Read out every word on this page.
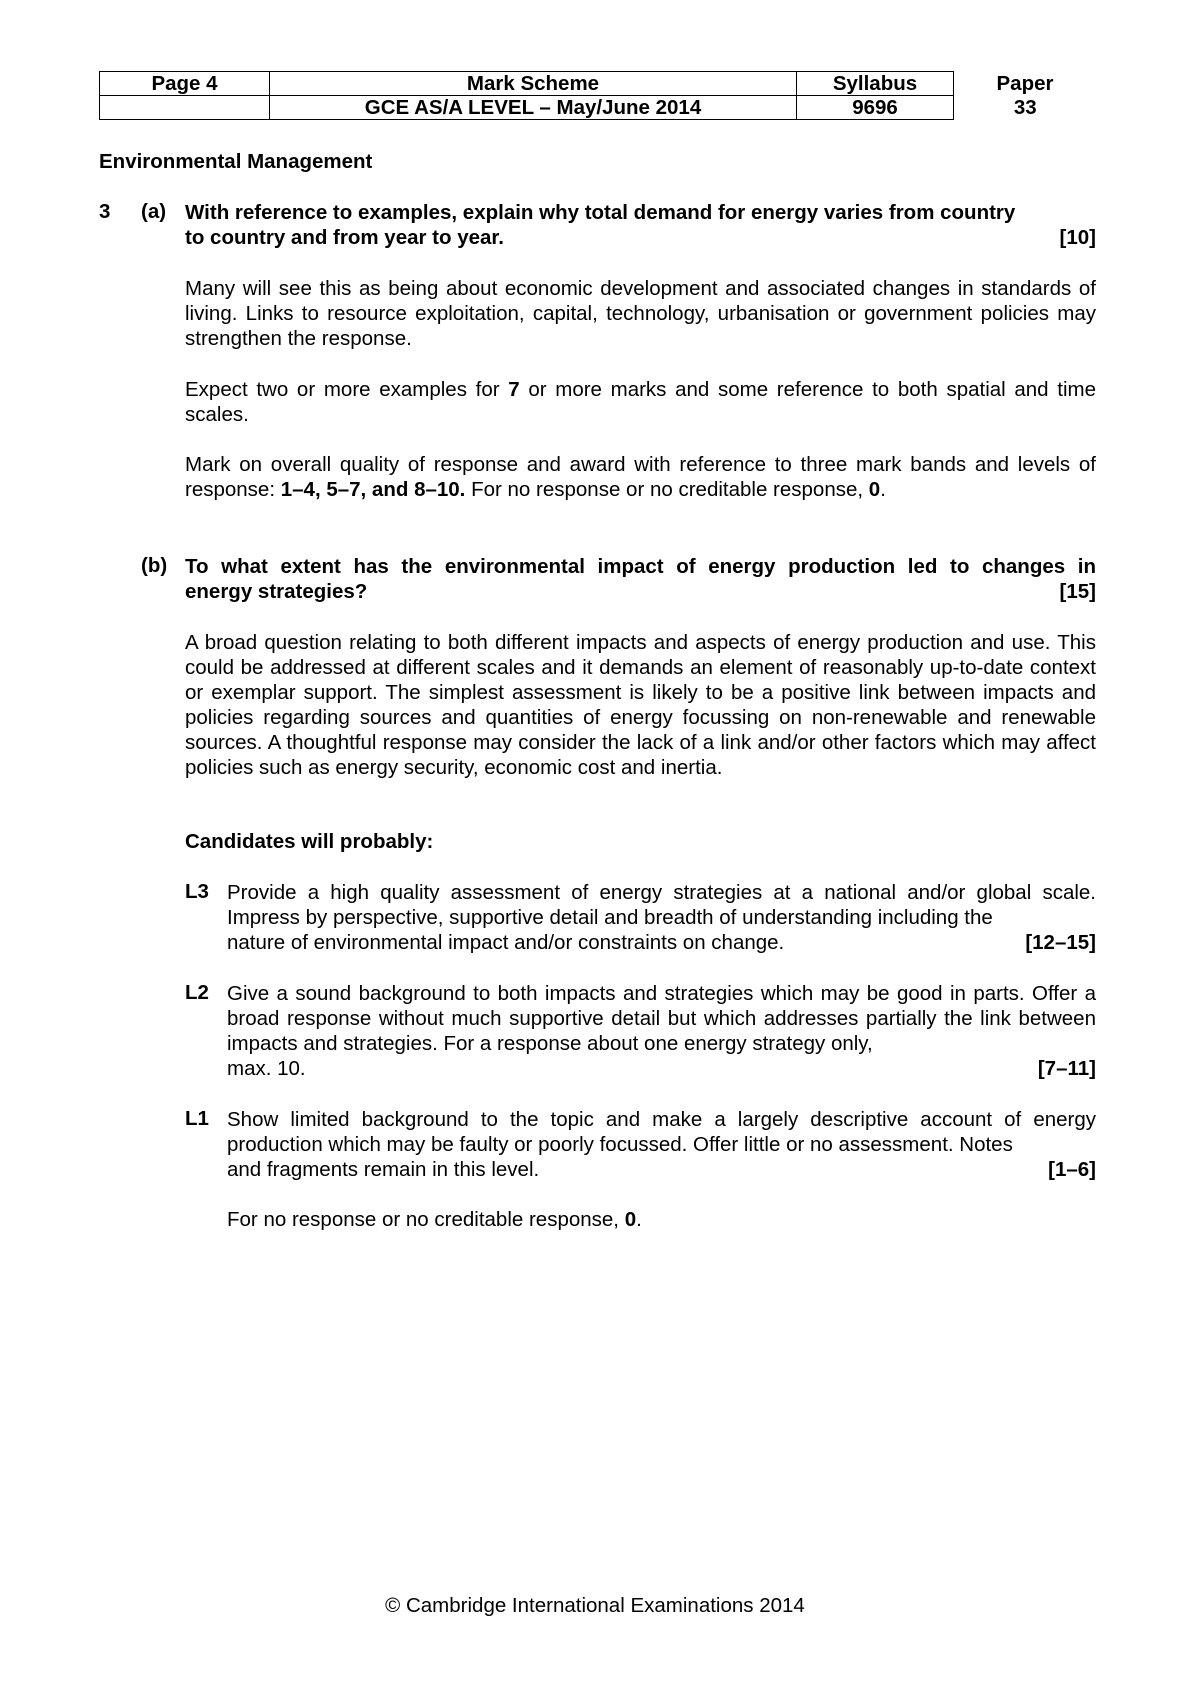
Page 4	Mark Scheme	Syllabus	Paper
	GCE AS/A LEVEL – May/June 2014	9696	33
Environmental Management
3 (a) With reference to examples, explain why total demand for energy varies from country
to country and from year to year.	[10]
Many will see this as being about economic development and associated changes in standards of living. Links to resource exploitation, capital, technology, urbanisation or government policies may strengthen the response.
Expect two or more examples for 7 or more marks and some reference to both spatial and time scales.
Mark on overall quality of response and award with reference to three mark bands and levels of response: 1–4, 5–7, and 8–10. For no response or no creditable response, 0.
(b) To what extent has the environmental impact of energy production led to changes in
energy strategies?	[15]
A broad question relating to both different impacts and aspects of energy production and use. This could be addressed at different scales and it demands an element of reasonably up-to-date context or exemplar support. The simplest assessment is likely to be a positive link between impacts and policies regarding sources and quantities of energy focussing on non-renewable and renewable sources. A thoughtful response may consider the lack of a link and/or other factors which may affect policies such as energy security, economic cost and inertia.
Candidates will probably:
L3 Provide a high quality assessment of energy strategies at a national and/or global scale. Impress by perspective, supportive detail and breadth of understanding including the
nature of environmental impact and/or constraints on change.	[12–15]
L2 Give a sound background to both impacts and strategies which may be good in parts. Offer a broad response without much supportive detail but which addresses partially the link between impacts and strategies. For a response about one energy strategy only,
max. 10.	[7–11]
L1 Show limited background to the topic and make a largely descriptive account of energy production which may be faulty or poorly focussed. Offer little or no assessment. Notes
and fragments remain in this level.	[1–6]
For no response or no creditable response, 0.
© Cambridge International Examinations 2014
